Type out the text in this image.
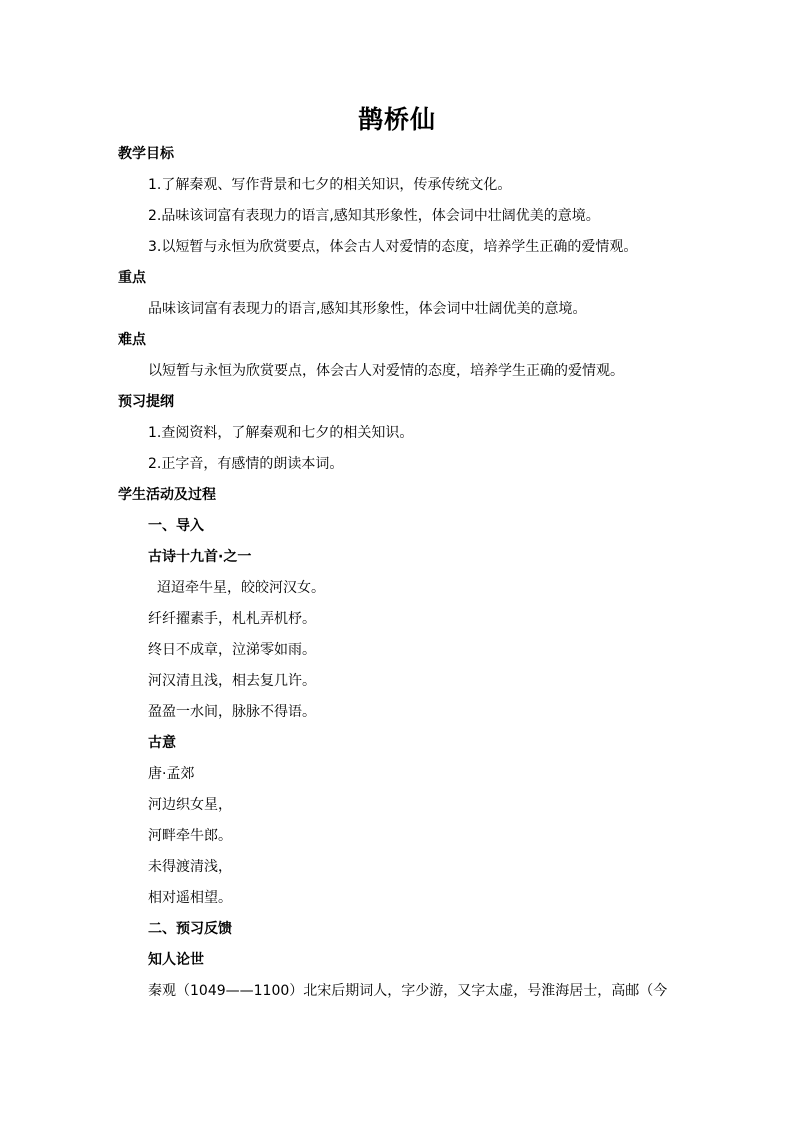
鹊桥仙
教学目标
1.了解秦观、写作背景和七夕的相关知识，传承传统文化。
2.品味该词富有表现力的语言,感知其形象性，体会词中壮阔优美的意境。
3.以短暂与永恒为欣赏要点，体会古人对爱情的态度，培养学生正确的爱情观。
重点
品味该词富有表现力的语言,感知其形象性，体会词中壮阔优美的意境。
难点
以短暂与永恒为欣赏要点，体会古人对爱情的态度，培养学生正确的爱情观。
预习提纲
1.查阅资料，了解秦观和七夕的相关知识。
2.正字音，有感情的朗读本词。
学生活动及过程
一、导入
古诗十九首·之一
迢迢牵牛星，皎皎河汉女。
纤纤擢素手，札札弄机杼。
终日不成章，泣涕零如雨。
河汉清且浅，相去复几许。
盈盈一水间，脉脉不得语。
古意
唐·孟郊
河边织女星，
河畔牵牛郎。
未得渡清浅，
相对遥相望。
二、预习反馈
知人论世
秦观（1049——1100）北宋后期词人，字少游，又字太虚，号淮海居士，高邮（今
